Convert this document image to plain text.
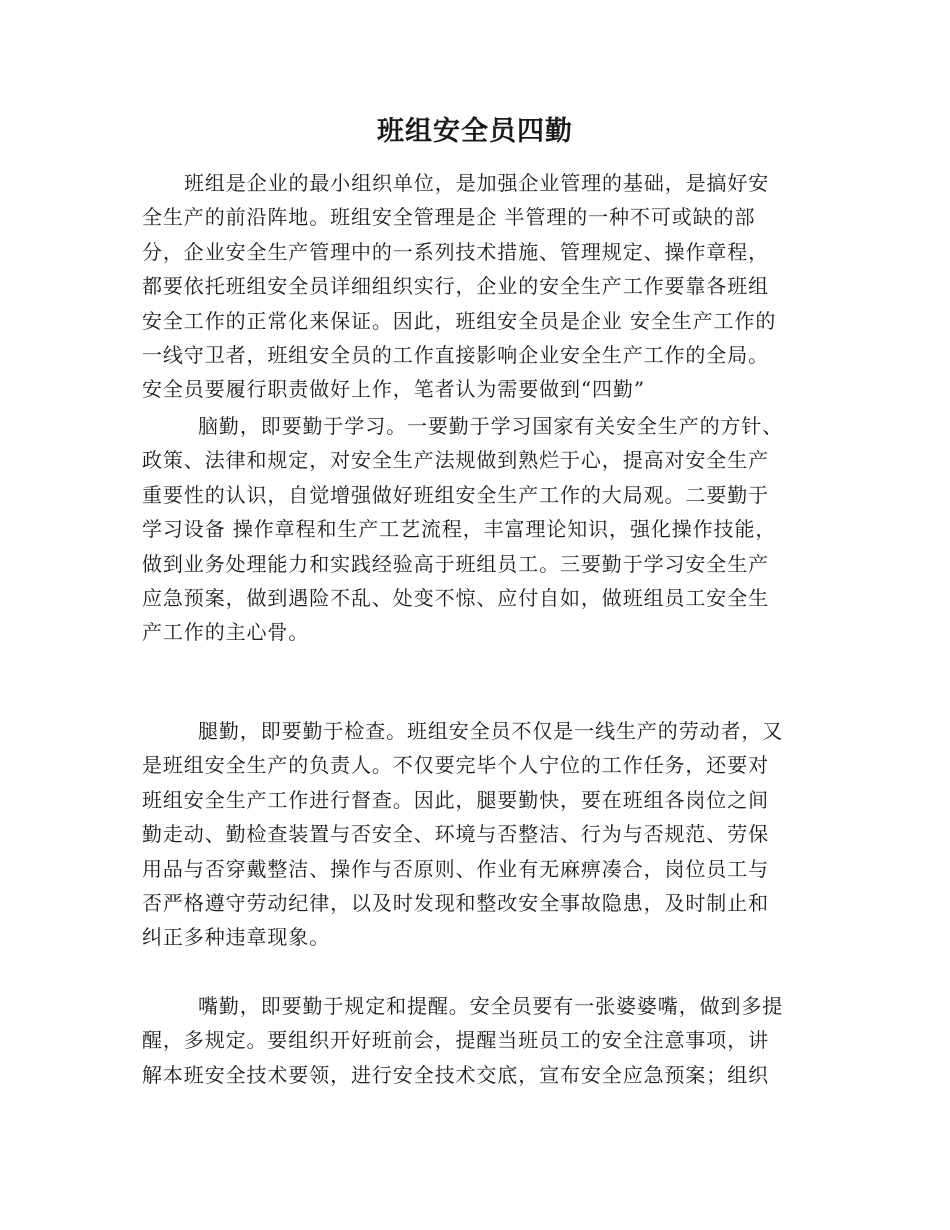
班组安全员四勤
班组是企业的最小组织单位，是加强企业管理的基础，是搞好安
全生产的前沿阵地。班组安全管理是企 半管理的一种不可或缺的部
分，企业安全生产管理中的一系列技术措施、管理规定、操作章程，
都要依托班组安全员详细组织实行，企业的安全生产工作要靠各班组
安全工作的正常化来保证。因此，班组安全员是企业 安全生产工作的
一线守卫者，班组安全员的工作直接影响企业安全生产工作的全局。
安全员要履行职责做好上作，笔者认为需要做到“四勤”
脑勤，即要勤于学习。一要勤于学习国家有关安全生产的方针、
政策、法律和规定，对安全生产法规做到熟烂于心，提高对安全生产
重要性的认识，自觉增强做好班组安全生产工作的大局观。二要勤于
学习设备 操作章程和生产工艺流程，丰富理论知识，强化操作技能，
做到业务处理能力和实践经验高于班组员工。三要勤于学习安全生产
应急预案，做到遇险不乱、处变不惊、应付自如，做班组员工安全生
产工作的主心骨。
腿勤，即要勤于检查。班组安全员不仅是一线生产的劳动者，又
是班组安全生产的负责人。不仅要完毕个人宁位的工作任务，还要对
班组安全生产工作进行督查。因此，腿要勤快，要在班组各岗位之间
勤走动、勤检查装置与否安全、环境与否整洁、行为与否规范、劳保
用品与否穿戴整洁、操作与否原则、作业有无麻痹凑合，岗位员工与
否严格遵守劳动纪律，以及时发现和整改安全事故隐患，及时制止和
纠正多种违章现象。
嘴勤，即要勤于规定和提醒。安全员要有一张婆婆嘴，做到多提
醒，多规定。要组织开好班前会，提醒当班员工的安全注意事项，讲
解本班安全技术要领，进行安全技术交底，宣布安全应急预案；组织
